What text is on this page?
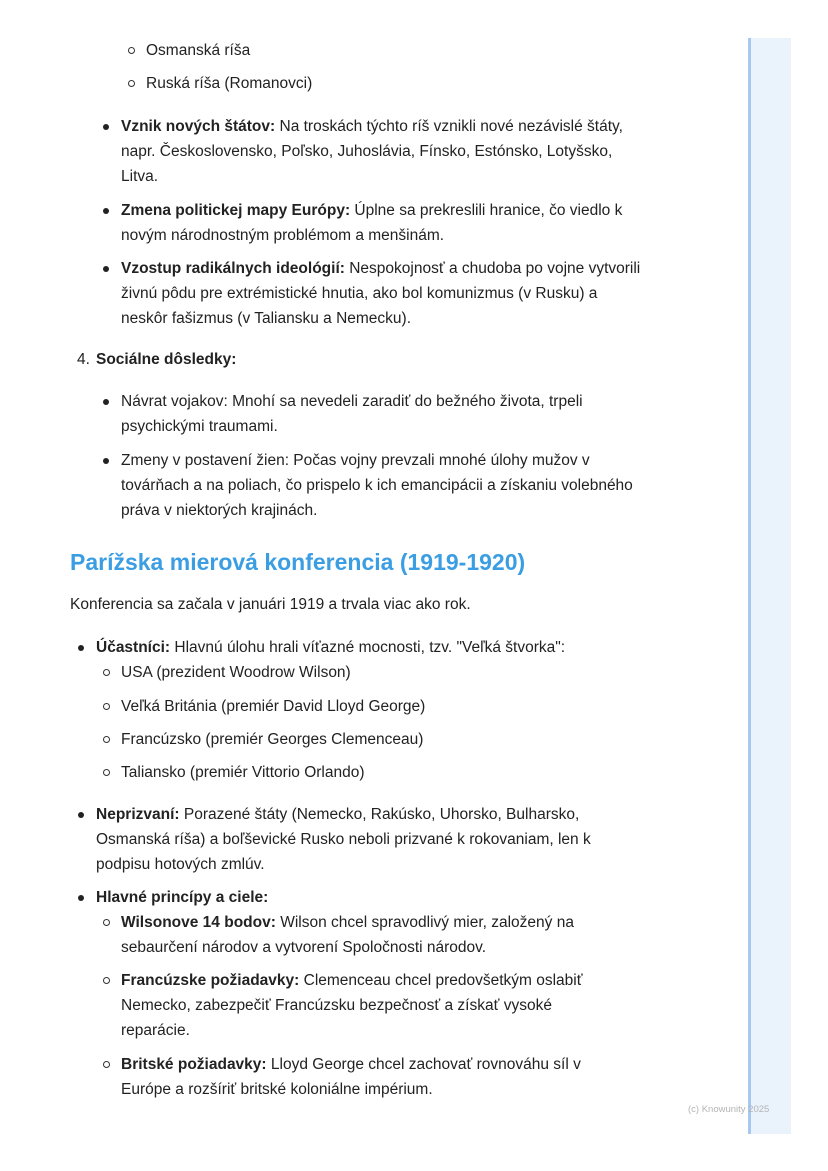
(c) Knowunity 2025
Osmanská ríša
Ruská ríša (Romanovci)
Vznik nových štátov: Na troskách týchto ríš vznikli nové nezávislé štáty, napr. Československo, Poľsko, Juhoslávia, Fínsko, Estónsko, Lotyšsko, Litva.
Zmena politickej mapy Európy: Úplne sa prekreslili hranice, čo viedlo k novým národnostným problémom a menšinám.
Vzostup radikálnych ideológií: Nespokojnosť a chudoba po vojne vytvorili živnú pôdu pre extrémistické hnutia, ako bol komunizmus (v Rusku) a neskôr fašizmus (v Taliansku a Nemecku).
4. Sociálne dôsledky:
Návrat vojakov: Mnohí sa nevedeli zaradiť do bežného života, trpeli psychickými traumami.
Zmeny v postavení žien: Počas vojny prevzali mnohé úlohy mužov v továrňach a na poliach, čo prispelo k ich emancipácii a získaniu volebného práva v niektorých krajinách.
Parížska mierová konferencia (1919-1920)
Konferencia sa začala v januári 1919 a trvala viac ako rok.
Účastníci: Hlavnú úlohu hrali víťazné mocnosti, tzv. "Veľká štvorka":
USA (prezident Woodrow Wilson)
Veľká Británia (premiér David Lloyd George)
Francúzsko (premiér Georges Clemenceau)
Taliansko (premiér Vittorio Orlando)
Neprizvaní: Porazené štáty (Nemecko, Rakúsko, Uhorsko, Bulharsko, Osmanská ríša) a boľševické Rusko neboli prizvané k rokovaniam, len k podpisu hotových zmlúv.
Hlavné princípy a ciele:
Wilsonove 14 bodov: Wilson chcel spravodlivý mier, založený na sebaurčení národov a vytvorení Spoločnosti národov.
Francúzske požiadavky: Clemenceau chcel predovšetkým oslabiť Nemecko, zabezpečiť Francúzsku bezpečnosť a získať vysoké reparácie.
Britské požiadavky: Lloyd George chcel zachovať rovnováhu síl v Európe a rozšíriť britské koloniálne impérium.
